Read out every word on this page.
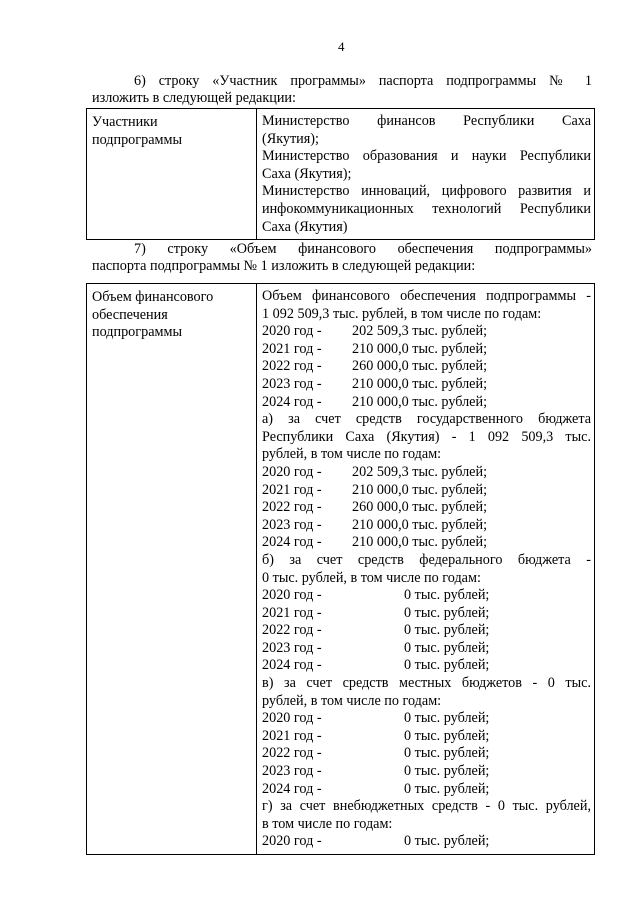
4
6) строку «Участник программы» паспорта подпрограммы № 1
изложить в следующей редакции:
Участники
подпрограммы

Министерство финансов Республики Саха
(Якутия);
Министерство образования и науки Республики
Саха (Якутия);
Министерство инноваций, цифрового развития и
инфокоммуникационных технологий Республики
Саха (Якутия)
7) строку «Объем финансового обеспечения подпрограммы»
паспорта подпрограммы № 1 изложить в следующей редакции:
Объем финансового
обеспечения
подпрограммы

Объем финансового обеспечения подпрограммы -
1 092 509,3 тыс. рублей, в том числе по годам:
2020 год - 202 509,3 тыс. рублей;
2021 год - 210 000,0 тыс. рублей;
2022 год - 260 000,0 тыс. рублей;
2023 год - 210 000,0 тыс. рублей;
2024 год - 210 000,0 тыс. рублей;
а) за счет средств государственного бюджета
Республики Саха (Якутия) - 1 092 509,3 тыс.
рублей, в том числе по годам:
2020 год - 202 509,3 тыс. рублей;
2021 год - 210 000,0 тыс. рублей;
2022 год - 260 000,0 тыс. рублей;
2023 год - 210 000,0 тыс. рублей;
2024 год - 210 000,0 тыс. рублей;
б) за счет средств федерального бюджета -
0 тыс. рублей, в том числе по годам:
2020 год -	0 тыс. рублей;
2021 год -	0 тыс. рублей;
2022 год -	0 тыс. рублей;
2023 год -	0 тыс. рублей;
2024 год -	0 тыс. рублей;
в) за счет средств местных бюджетов - 0 тыс.
рублей, в том числе по годам:
2020 год -	0 тыс. рублей;
2021 год -	0 тыс. рублей;
2022 год -	0 тыс. рублей;
2023 год -	0 тыс. рублей;
2024 год -	0 тыс. рублей;
г) за счет внебюджетных средств - 0 тыс. рублей,
в том числе по годам:
2020 год -	0 тыс. рублей;
